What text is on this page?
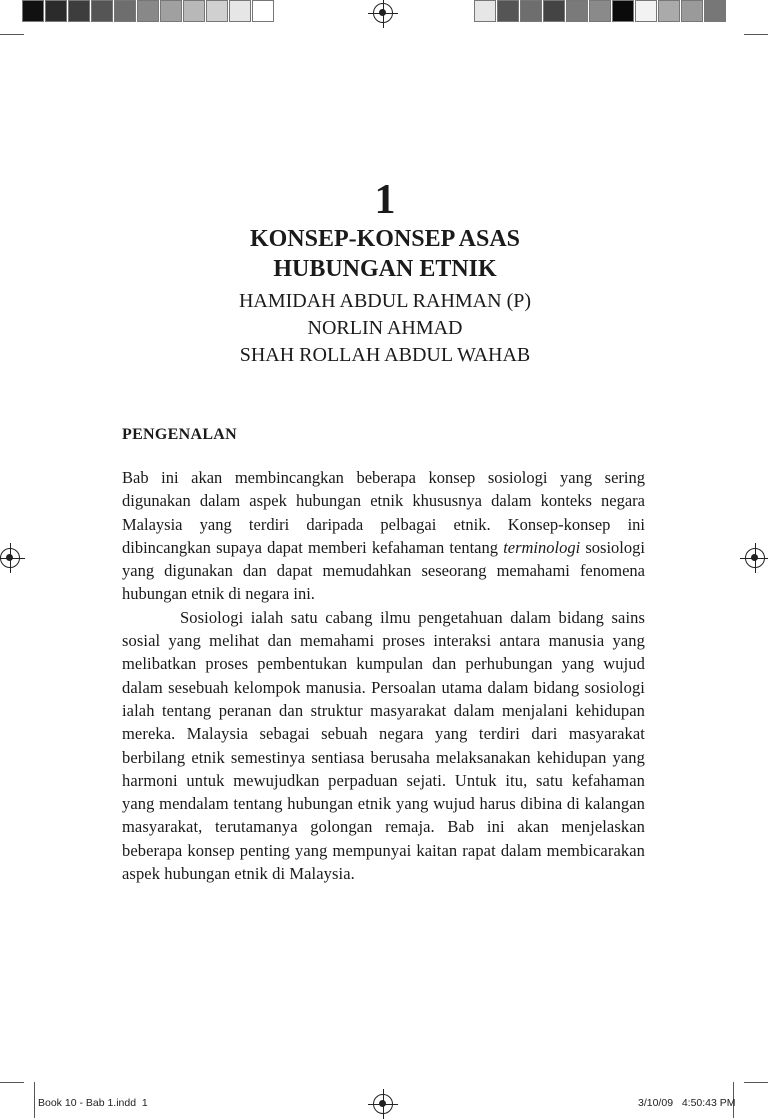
1

KONSEP-KONSEP ASAS

HUBUNGAN ETNIK

HAMIDAH ABDUL RAHMAN (P)

NORLIN AHMAD

SHAH ROLLAH ABDUL WAHAB

PENGENALAN

Bab ini akan membincangkan beberapa konsep sosiologi yang sering digunakan dalam aspek hubungan etnik khususnya dalam konteks negara Malaysia yang terdiri daripada pelbagai etnik. Konsep-konsep ini dibincangkan supaya dapat memberi kefahaman tentang terminologi sosiologi yang digunakan dan dapat memudahkan seseorang memahami fenomena hubungan etnik di negara ini.

Sosiologi ialah satu cabang ilmu pengetahuan dalam bidang sains sosial yang melihat dan memahami proses interaksi antara manusia yang melibatkan proses pembentukan kumpulan dan perhubungan yang wujud dalam sesebuah kelompok manusia. Persoalan utama dalam bidang sosiologi ialah tentang peranan dan struktur masyarakat dalam menjalani kehidupan mereka. Malaysia sebagai sebuah negara yang terdiri dari masyarakat berbilang etnik semestinya sentiasa berusaha melaksanakan kehidupan yang harmoni untuk mewujudkan perpaduan sejati. Untuk itu, satu kefahaman yang mendalam tentang hubungan etnik yang wujud harus dibina di kalangan masyarakat, terutamanya golongan remaja. Bab ini akan menjelaskan beberapa konsep penting yang mempunyai kaitan rapat dalam membicarakan aspek hubungan etnik di Malaysia.

Book 10 - Bab 1.indd 1	3/10/09 4:50:43 PM
